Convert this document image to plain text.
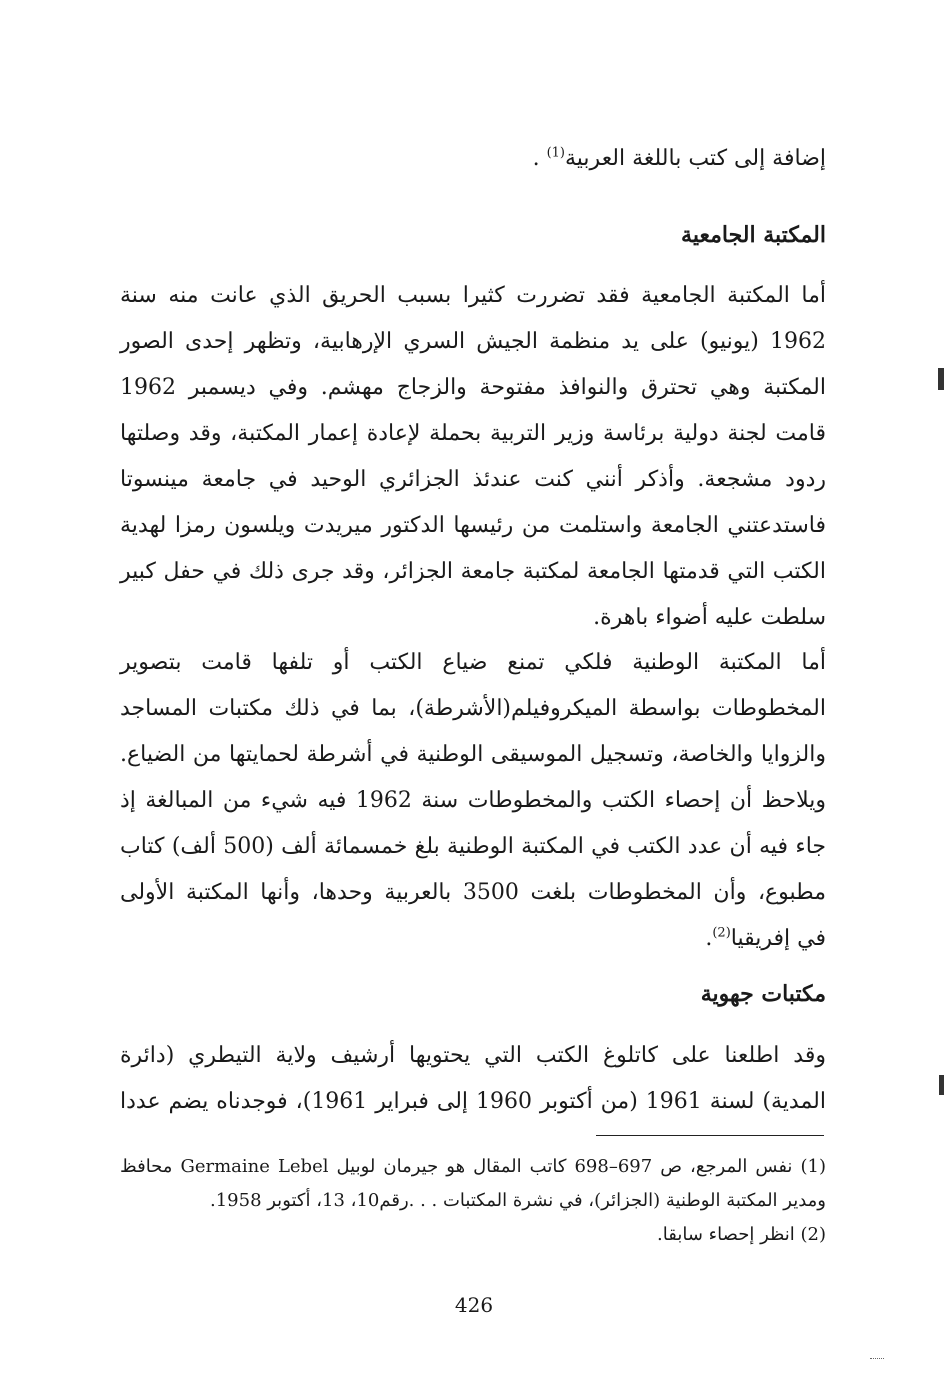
إضافة إلى كتب باللغة العربية$^{(1)}$ .
المكتبة الجامعية
أما المكتبة الجامعية فقد تضررت كثيرا بسبب الحريق الذي عانت منه سنة
1962 (يونيو) على يد منظمة الجيش السري الإرهابية، وتظهر إحدى الصور
المكتبة وهي تحترق والنوافذ مفتوحة والزجاج مهشم. وفي ديسمبر 1962
قامت لجنة دولية برئاسة وزير التربية بحملة لإعادة إعمار المكتبة، وقد وصلتها
ردود مشجعة. وأذكر أنني كنت عندئذ الجزائري الوحيد في جامعة مينسوتا
فاستدعتني الجامعة واستلمت من رئيسها الدكتور ميريدت ويلسون رمزا لهدية
الكتب التي قدمتها الجامعة لمكتبة جامعة الجزائر، وقد جرى ذلك في حفل كبير
سلطت عليه أضواء باهرة.
أما المكتبة الوطنية فلكي تمنع ضياع الكتب أو تلفها قامت بتصوير
المخطوطات بواسطة الميكروفيلم(الأشرطة)، بما في ذلك مكتبات المساجد
والزوايا والخاصة، وتسجيل الموسيقى الوطنية في أشرطة لحمايتها من الضياع.
ويلاحظ أن إحصاء الكتب والمخطوطات سنة 1962 فيه شيء من المبالغة إذ
جاء فيه أن عدد الكتب في المكتبة الوطنية بلغ خمسمائة ألف (500 ألف) كتاب
مطبوع، وأن المخطوطات بلغت 3500 بالعربية وحدها، وأنها المكتبة الأولى
في إفريقيا$^{(2)}$.
مكتبات جهوية
وقد اطلعنا على كاتلوغ الكتب التي يحتويها أرشيف ولاية التيطري (دائرة
المدية) لسنة 1961 (من أكتوبر 1960 إلى فبراير 1961)، فوجدناه يضم عددا
(1) نفس المرجع، ص 697–698 كاتب المقال هو جيرمان لوبيل Germaine Lebel محافظ
ومدير المكتبة الوطنية (الجزائر)، في نشرة المكتبات . . .رقم10، 13، أكتوبر 1958.
(2) انظر إحصاء سابقا.
426
